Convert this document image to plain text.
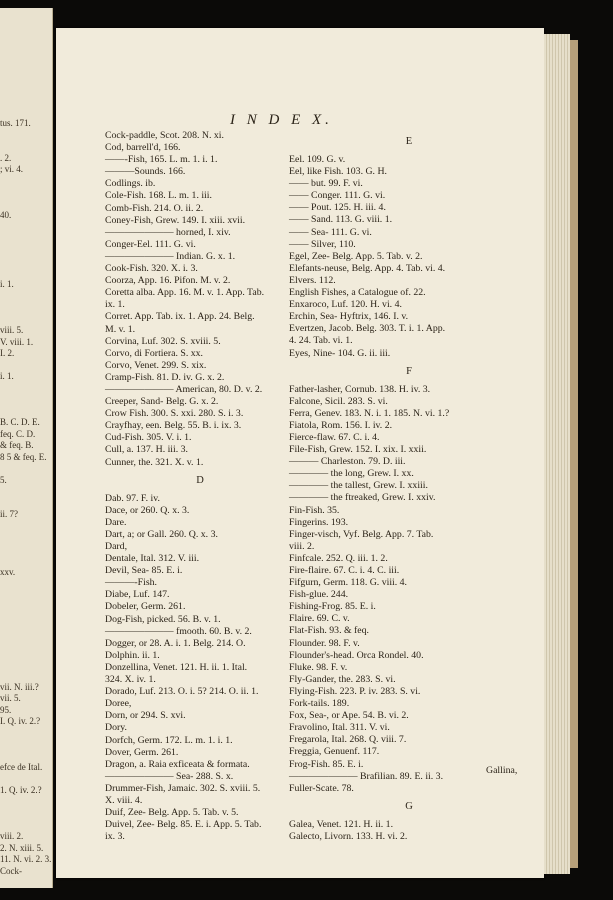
tus. 171.
. 2.
; vi. 4.
40.
i. 1.
viii. 5.
V. viii. 1.
I. 2.
i. 1.
B. C. D. E.
feq. C. D.
& feq. B.
8 5 & feq. E.
5.
ii. 7?
xxv.
vii. N. iii.?
vii. 5.
95.
I. Q. iv. 2.?
efce de Ital.
1. Q. iv. 2.?
viii. 2.
2. N. xiii. 5.
11. N. vi. 2. 3.
Cock-
I N D E X.
Cock-paddle, Scot. 208. N. xi.
Cod, barrell'd, 166.
——-Fish, 165. L. m. 1. i. 1.
———Sounds. 166.
Codlings. ib.
Cole-Fish. 168. L. m. 1. iii.
Comb-Fish. 214. O. ii. 2.
Coney-Fish, Grew. 149. I. xiii. xvii.
——————— horned, I. xiv.
Conger-Eel. 111. G. vi.
——————— Indian. G. x. 1.
Cook-Fish. 320. X. i. 3.
Coorza, App. 16. Pifon. M. v. 2.
Coretta alba. App. 16. M. v. 1. App. Tab.
ix. 1.
Corret. App. Tab. ix. 1. App. 24. Belg.
M. v. 1.
Corvina, Luf. 302. S. xviii. 5.
Corvo, di Fortiera. S. xx.
Corvo, Venet. 299. S. xix.
Cramp-Fish. 81. D. iv. G. x. 2.
——————— American, 80. D. v. 2.
Creeper, Sand- Belg. G. x. 2.
Crow Fish. 300. S. xxi. 280. S. i. 3.
Crayfhay, een. Belg. 55. B. i. ix. 3.
Cud-Fish. 305. V. i. 1.
Cull, a. 137. H. iii. 3.
Cunner, the. 321. X. v. 1.
D
Dab. 97. F. iv.
Dace, or 260. Q. x. 3.
Dare.
Dart, a; or Gall. 260. Q. x. 3.
Dard,
Dentale, Ital. 312. V. iii.
Devil, Sea- 85. E. i.
———-Fish.
Diabe, Luf. 147.
Dobeler, Germ. 261.
Dog-Fish, picked. 56. B. v. 1.
——————— fmooth. 60. B. v. 2.
Dogger, or 28. A. i. 1. Belg. 214. O.
Dolphin. ii. 1.
Donzellina, Venet. 121. H. ii. 1. Ital.
324. X. iv. 1.
Dorado, Luf. 213. O. i. 5? 214. O. ii. 1.
Doree,
Dorn, or 294. S. xvi.
Dory.
Dorfch, Germ. 172. L. m. 1. i. 1.
Dover, Germ. 261.
Dragon, a. Raia exficeata & formata.
——————— Sea- 288. S. x.
Drummer-Fish, Jamaic. 302. S. xviii. 5.
X. viii. 4.
Duif, Zee- Belg. App. 5. Tab. v. 5.
Duivel, Zee- Belg. 85. E. i. App. 5. Tab.
ix. 3.
E
Eel. 109. G. v.
Eel, like Fish. 103. G. H.
—— but. 99. F. vi.
—— Conger. 111. G. vi.
—— Pout. 125. H. iii. 4.
—— Sand. 113. G. viii. 1.
—— Sea- 111. G. vi.
—— Silver, 110.
Egel, Zee- Belg. App. 5. Tab. v. 2.
Elefants-neuse, Belg. App. 4. Tab. vi. 4.
Elvers. 112.
English Fishes, a Catalogue of. 22.
Enxaroco, Luf. 120. H. vi. 4.
Erchin, Sea- Hyftrix, 146. I. v.
Evertzen, Jacob. Belg. 303. T. i. 1. App.
4. 24. Tab. vi. 1.
Eyes, Nine- 104. G. ii. iii.
F
Father-lasher, Cornub. 138. H. iv. 3.
Falcone, Sicil. 283. S. vi.
Ferra, Genev. 183. N. i. 1. 185. N. vi. 1.?
Fiatola, Rom. 156. I. iv. 2.
Fierce-flaw. 67. C. i. 4.
File-Fish, Grew. 152. I. xix. I. xxii.
——— Charleston. 79. D. iii.
———— the long, Grew. I. xx.
———— the tallest, Grew. I. xxiii.
———— the ftreaked, Grew. I. xxiv.
Fin-Fish. 35.
Fingerins. 193.
Finger-visch, Vyf. Belg. App. 7. Tab.
viii. 2.
Finfcale. 252. Q. iii. 1. 2.
Fire-flaire. 67. C. i. 4. C. iii.
Fifgurn, Germ. 118. G. viii. 4.
Fish-glue. 244.
Fishing-Frog. 85. E. i.
Flaire. 69. C. v.
Flat-Fish. 93. & feq.
Flounder. 98. F. v.
Flounder's-head. Orca Rondel. 40.
Fluke. 98. F. v.
Fly-Gander, the. 283. S. vi.
Flying-Fish. 223. P. iv. 283. S. vi.
Fork-tails. 189.
Fox, Sea-, or Ape. 54. B. vi. 2.
Fravolino, Ital. 311. V. vi.
Fregarola, Ital. 268. Q. viii. 7.
Freggia, Genuenf. 117.
Frog-Fish. 85. E. i.
——————— Brafilian. 89. E. ii. 3.
Fuller-Scate. 78.
G
Galea, Venet. 121. H. ii. 1.
Galecto, Livorn. 133. H. vi. 2.
Gallina,
